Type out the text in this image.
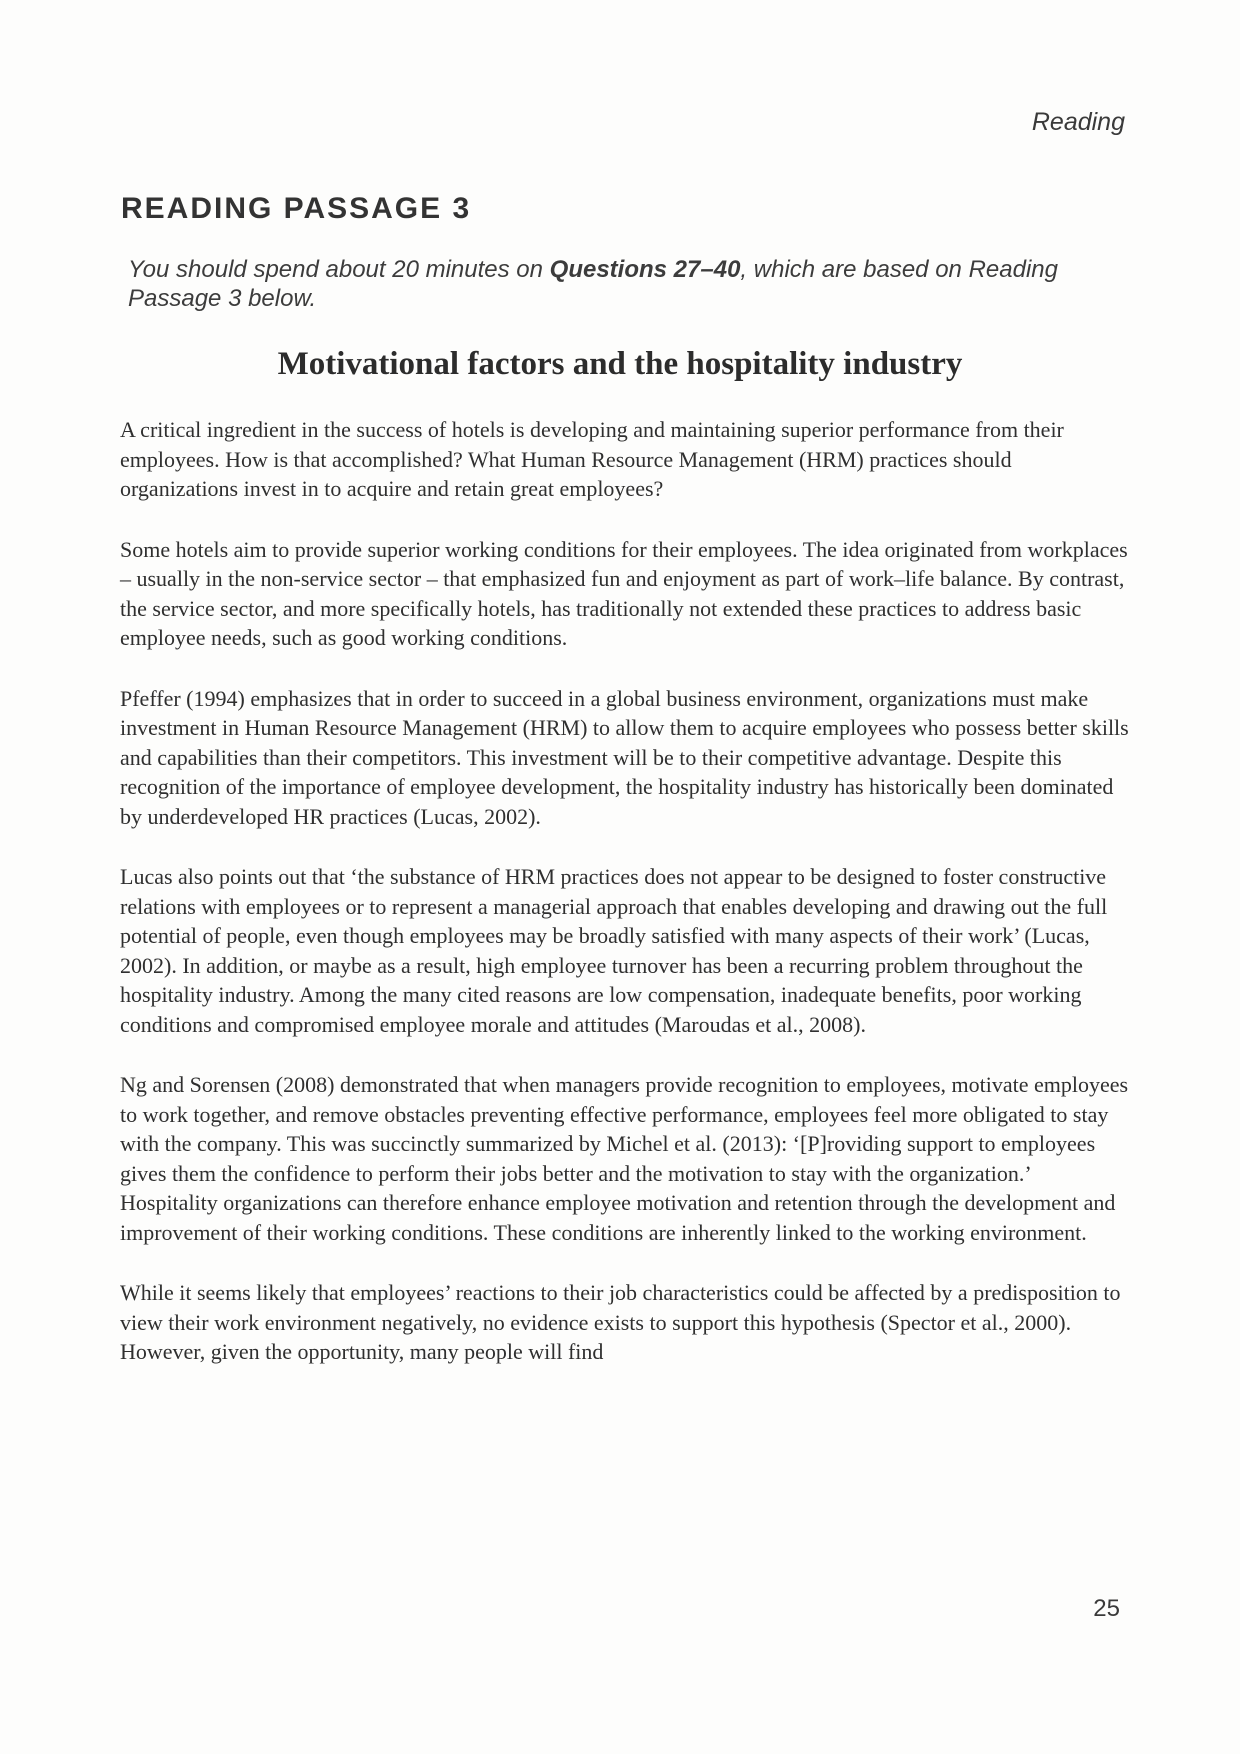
Reading

READING PASSAGE 3

You should spend about 20 minutes on Questions 27–40, which are based on Reading Passage 3 below.

Motivational factors and the hospitality industry

A critical ingredient in the success of hotels is developing and maintaining superior performance from their employees. How is that accomplished? What Human Resource Management (HRM) practices should organizations invest in to acquire and retain great employees?

Some hotels aim to provide superior working conditions for their employees. The idea originated from workplaces – usually in the non-service sector – that emphasized fun and enjoyment as part of work–life balance. By contrast, the service sector, and more specifically hotels, has traditionally not extended these practices to address basic employee needs, such as good working conditions.

Pfeffer (1994) emphasizes that in order to succeed in a global business environment, organizations must make investment in Human Resource Management (HRM) to allow them to acquire employees who possess better skills and capabilities than their competitors. This investment will be to their competitive advantage. Despite this recognition of the importance of employee development, the hospitality industry has historically been dominated by underdeveloped HR practices (Lucas, 2002).

Lucas also points out that ‘the substance of HRM practices does not appear to be designed to foster constructive relations with employees or to represent a managerial approach that enables developing and drawing out the full potential of people, even though employees may be broadly satisfied with many aspects of their work’ (Lucas, 2002). In addition, or maybe as a result, high employee turnover has been a recurring problem throughout the hospitality industry. Among the many cited reasons are low compensation, inadequate benefits, poor working conditions and compromised employee morale and attitudes (Maroudas et al., 2008).

Ng and Sorensen (2008) demonstrated that when managers provide recognition to employees, motivate employees to work together, and remove obstacles preventing effective performance, employees feel more obligated to stay with the company. This was succinctly summarized by Michel et al. (2013): ‘[P]roviding support to employees gives them the confidence to perform their jobs better and the motivation to stay with the organization.’ Hospitality organizations can therefore enhance employee motivation and retention through the development and improvement of their working conditions. These conditions are inherently linked to the working environment.

While it seems likely that employees’ reactions to their job characteristics could be affected by a predisposition to view their work environment negatively, no evidence exists to support this hypothesis (Spector et al., 2000). However, given the opportunity, many people will find

25
